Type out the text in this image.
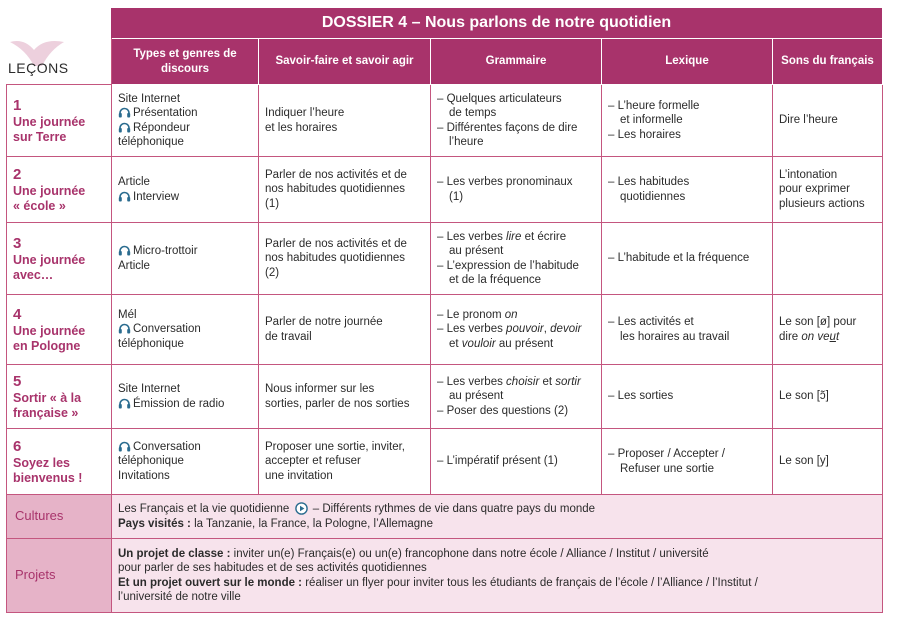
LEÇONS
DOSSIER 4 – Nous parlons de notre quotidien
	Types et genres de discours	Savoir-faire et savoir agir	Grammaire	Lexique	Sons du français

1
Une journée
sur Terre	Site Internet
Présentation
Répondeur
téléphonique	Indiquer l’heure
et les horaires	– Quelques articulateurs
de temps
– Différentes façons de dire
l’heure	– L’heure formelle
et informelle
– Les horaires	Dire l’heure

2
Une journée
« école »	Article
Interview	Parler de nos activités et de
nos habitudes quotidiennes
(1)	– Les verbes pronominaux
(1)	– Les habitudes
quotidiennes	L’intonation
pour exprimer
plusieurs actions

3
Une journée
avec…	Micro-trottoir
Article	Parler de nos activités et de
nos habitudes quotidiennes
(2)	– Les verbes lire et écrire
au présent
– L’expression de l’habitude
et de la fréquence	– L’habitude et la fréquence	

4
Une journée
en Pologne	Mél
Conversation
téléphonique	Parler de notre journée
de travail	– Le pronom on
– Les verbes pouvoir, devoir
et vouloir au présent	– Les activités et
les horaires au travail	Le son [ø] pour
dire on veut

5
Sortir « à la
française »	Site Internet
Émission de radio	Nous informer sur les
sorties, parler de nos sorties	– Les verbes choisir et sortir
au présent
– Poser des questions (2)	– Les sorties	Le son [ɔ̃]

6
Soyez les
bienvenus !	Conversation
téléphonique
Invitations	Proposer une sortie, inviter,
accepter et refuser
une invitation	– L’impératif présent (1)	– Proposer / Accepter /
Refuser une sortie	Le son [y]

Cultures	Les Français et la vie quotidienne  – Différents rythmes de vie dans quatre pays du monde
Pays visités : la Tanzanie, la France, la Pologne, l’Allemagne				

Projets	Un projet de classe : inviter un(e) Français(e) ou un(e) francophone dans notre école / Alliance / Institut / université
pour parler de ses habitudes et de ses activités quotidiennes
Et un projet ouvert sur le monde : réaliser un flyer pour inviter tous les étudiants de français de l’école / l’Alliance / l’Institut /
l’université de notre ville				
